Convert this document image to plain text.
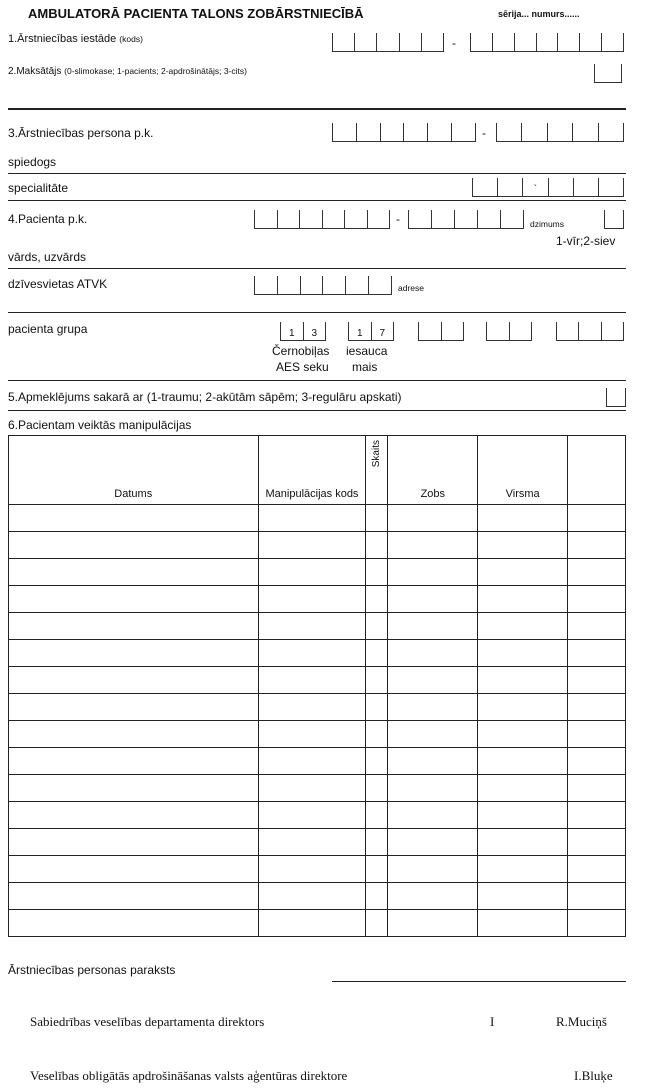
AMBULATORĀ PACIENTA TALONS ZOBĀRSTNIECĪBĀ	sērija... numurs......
1.Ārstniecības iestāde (kods)	-
2.Maksātājs (0-slimokase; 1-pacients; 2-apdrošinātājs; 3-cits)
3.Ārstniecības persona p.k.	-
spiedogs
specialitāte	`
4.Pacienta p.k.	-	dzimums
1-vīr;2-siev
vārds, uzvārds
dzīvesvietas ATVK	adrese
pacienta grupa	1	3	1	7
Černobiļas
AES seku
iesauca
mais
5.Apmeklējums sakarā ar (1-traumu; 2-akūtām sāpēm; 3-regulāru apskati)
6.Pacientam veiktās manipulācijas
Datums	Manipulācijas kods	Skaits	Zobs	Virsma	

Ārstniecības personas paraksts
Sabiedrības veselības departamenta direktors	I	R.Muciņš
Veselības obligātās apdrošināšanas valsts aģentūras direktore	I.Bluķe
